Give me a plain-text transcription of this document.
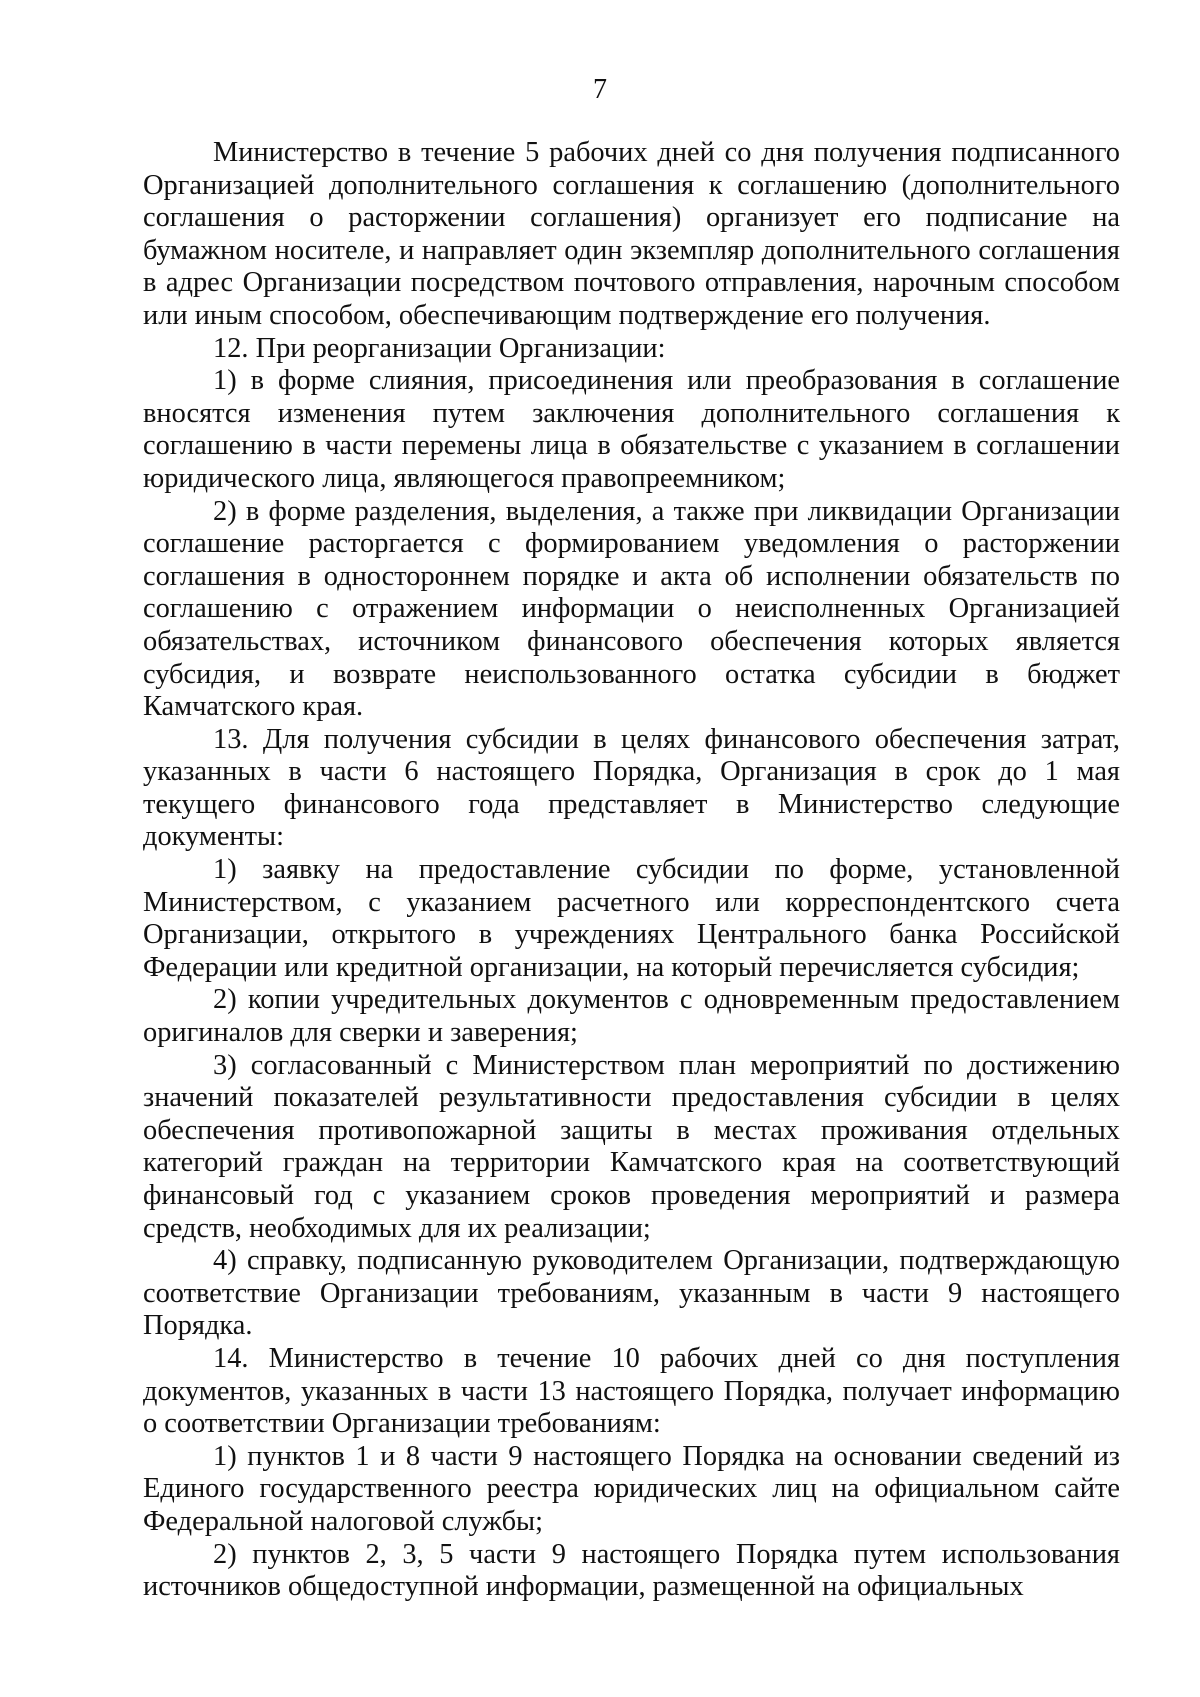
7

Министерство в течение 5 рабочих дней со дня получения подписанного Организацией дополнительного соглашения к соглашению (дополнительного соглашения о расторжении соглашения) организует его подписание на бумажном носителе, и направляет один экземпляр дополнительного соглашения в адрес Организации посредством почтового отправления, нарочным способом или иным способом, обеспечивающим подтверждение его получения.

12. При реорганизации Организации:

1) в форме слияния, присоединения или преобразования в соглашение вносятся изменения путем заключения дополнительного соглашения к соглашению в части перемены лица в обязательстве с указанием в соглашении юридического лица, являющегося правопреемником;

2) в форме разделения, выделения, а также при ликвидации Организации соглашение расторгается с формированием уведомления о расторжении соглашения в одностороннем порядке и акта об исполнении обязательств по соглашению с отражением информации о неисполненных Организацией обязательствах, источником финансового обеспечения которых является субсидия, и возврате неиспользованного остатка субсидии в бюджет Камчатского края.

13. Для получения субсидии в целях финансового обеспечения затрат, указанных в части 6 настоящего Порядка, Организация в срок до 1 мая текущего финансового года представляет в Министерство следующие документы:

1) заявку на предоставление субсидии по форме, установленной Министерством, с указанием расчетного или корреспондентского счета Организации, открытого в учреждениях Центрального банка Российской Федерации или кредитной организации, на который перечисляется субсидия;

2) копии учредительных документов с одновременным предоставлением оригиналов для сверки и заверения;

3) согласованный с Министерством план мероприятий по достижению значений показателей результативности предоставления субсидии в целях обеспечения противопожарной защиты в местах проживания отдельных категорий граждан на территории Камчатского края на соответствующий финансовый год с указанием сроков проведения мероприятий и размера средств, необходимых для их реализации;

4) справку, подписанную руководителем Организации, подтверждающую соответствие Организации требованиям, указанным в части 9 настоящего Порядка.

14. Министерство в течение 10 рабочих дней со дня поступления документов, указанных в части 13 настоящего Порядка, получает информацию о соответствии Организации требованиям:

1) пунктов 1 и 8 части 9 настоящего Порядка на основании сведений из Единого государственного реестра юридических лиц на официальном сайте Федеральной налоговой службы;

2) пунктов 2, 3, 5 части 9 настоящего Порядка путем использования источников общедоступной информации, размещенной на официальных
